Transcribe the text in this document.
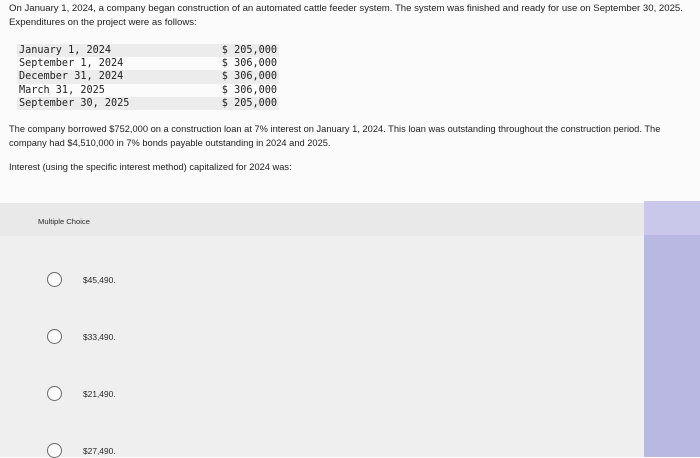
On January 1, 2024, a company began construction of an automated cattle feeder system. The system was finished and ready for use on September 30, 2025. Expenditures on the project were as follows:
January 1, 2024	$ 205,000
September 1, 2024	$ 306,000
December 31, 2024	$ 306,000
March 31, 2025	$ 306,000
September 30, 2025	$ 205,000
The company borrowed $752,000 on a construction loan at 7% interest on January 1, 2024. This loan was outstanding throughout the construction period. The company had $4,510,000 in 7% bonds payable outstanding in 2024 and 2025.
Interest (using the specific interest method) capitalized for 2024 was:
Multiple Choice
$45,490.
$33,490.
$21,490.
$27,490.
